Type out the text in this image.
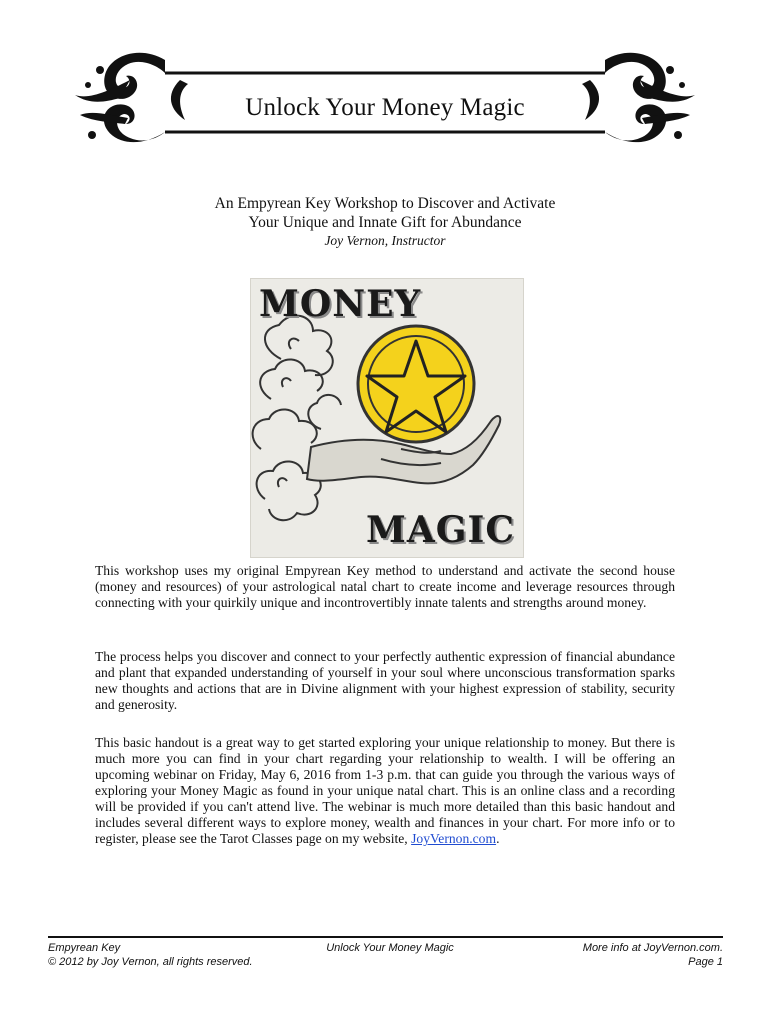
Unlock Your Money Magic
An Empyrean Key Workshop to Discover and Activate
Your Unique and Innate Gift for Abundance
Joy Vernon, Instructor
MONEY
MAGIC

This workshop uses my original Empyrean Key method to understand and activate the second house (money and resources) of your astrological natal chart to create income and leverage resources through connecting with your quirkily unique and incontrovertibly innate talents and strengths around money.

The process helps you discover and connect to your perfectly authentic expression of financial abundance and plant that expanded understanding of yourself in your soul where unconscious transformation sparks new thoughts and actions that are in Divine alignment with your highest expression of stability, security and generosity.

This basic handout is a great way to get started exploring your unique relationship to money. But there is much more you can find in your chart regarding your relationship to wealth. I will be offering an upcoming webinar on Friday, May 6, 2016 from 1-3 p.m. that can guide you through the various ways of exploring your Money Magic as found in your unique natal chart. This is an online class and a recording will be provided if you can't attend live. The webinar is much more detailed than this basic handout and includes several different ways to explore money, wealth and finances in your chart. For more info or to register, please see the Tarot Classes page on my website, JoyVernon.com.

Empyrean Key
© 2012 by Joy Vernon, all rights reserved.
Unlock Your Money Magic	More info at JoyVernon.com.
Page 1
